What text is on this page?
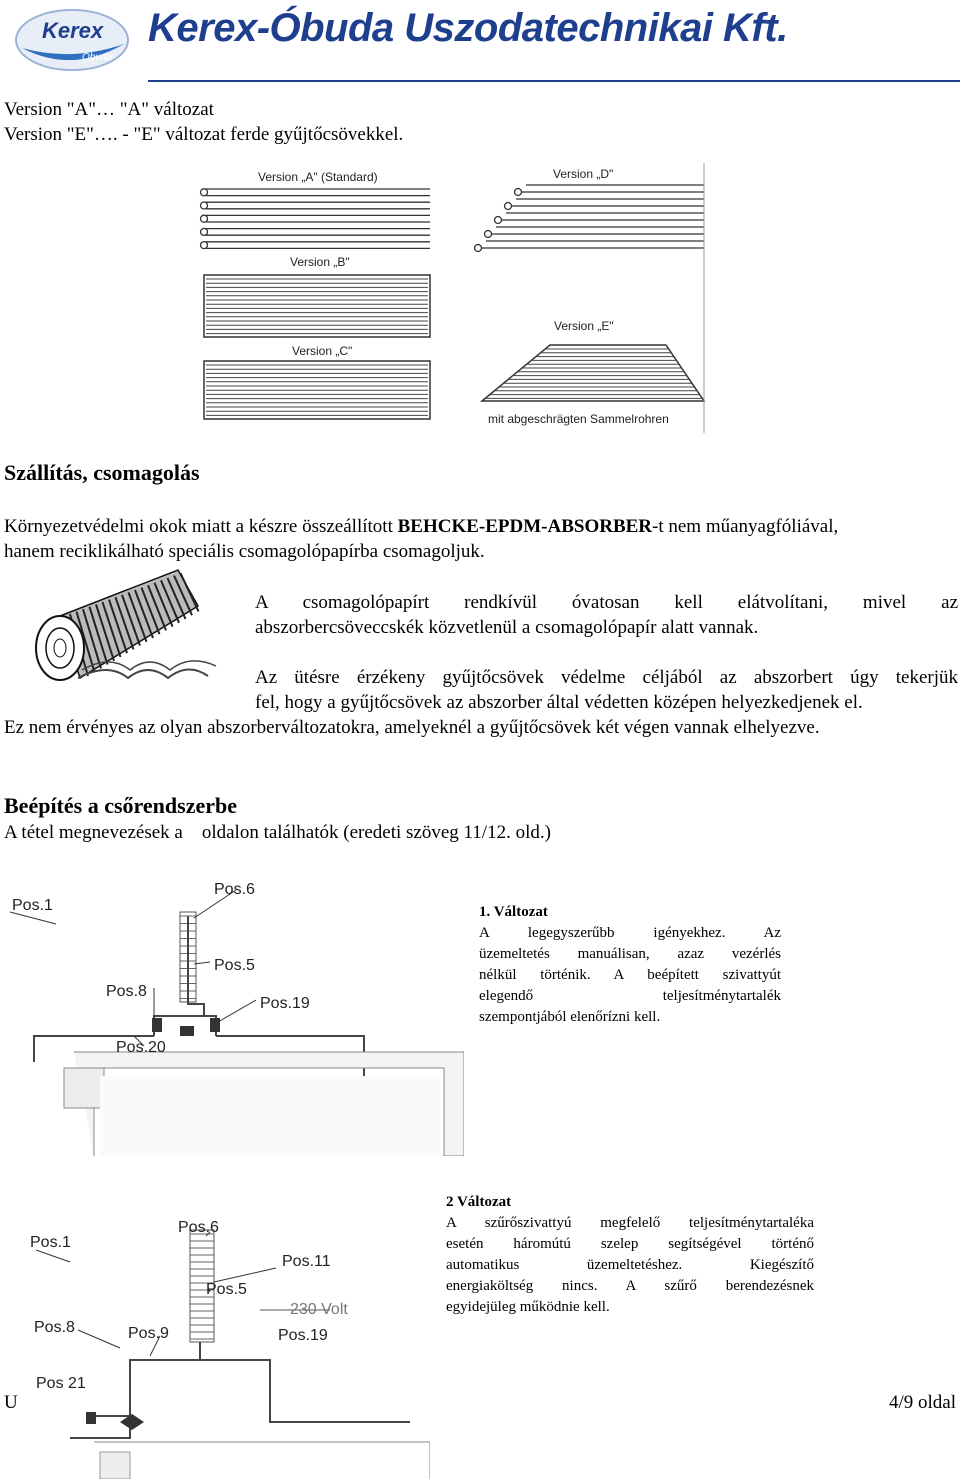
Kerex
Óbuda
Kerex-Óbuda Uszodatechnikai Kft.
Version "A"… "A" változat
Version "E"…. - "E" változat ferde gyűjtőcsövekkel.
Version „A" (Standard)
Version „B"
Version „C"
Version „D"
Version „E"
mit abgeschrägten Sammelrohren
Szállítás, csomagolás
Környezetvédelmi okok miatt a készre összeállított BEHCKE-EPDM-ABSORBER-t nem műanyagfóliával,
hanem reciklikálható speciális csomagolópapírba csomagoljuk.
A csomagolópapírt rendkívül óvatosan kell elátvolítani, mivel az
abszorbercsöveccskék közvetlenül a csomagolópapír alatt vannak.
Az ütésre érzékeny gyűjtőcsövek védelme céljából az abszorbert úgy tekerjük
fel, hogy a gyűjtőcsövek az abszorber által védetten középen helyezkedjenek el.
Ez nem érvényes az olyan abszorberváltozatokra, amelyeknél a gyűjtőcsövek két végen vannak elhelyezve.
Beépítés a csőrendszerbe
A tétel megnevezések a    oldalon találhatók (eredeti szöveg 11/12. old.)
Pos.1
Pos.6
Pos.5
Pos.8
Pos.19
Pos.20
1. Változat
A legegyszerűbb igényekhez. Az
üzemeltetés manuálisan, azaz vezérlés
nélkül történik. A beépített szivattyút
elegendő teljesítménytartalék
szempontjából elenőrízni kell.
Pos.1
Pos.6
Pos.11
Pos.5
230 Volt
Pos.8	Pos.9	Pos.19
Pos 21
2 Változat
A szűrőszivattyú megfelelő teljesítménytartaléka
esetén háromútú szelep segítségével történő
automatikus üzemeltetéshez. Kiegészítő
energiaköltség nincs. A szűrő berendezésnek
egyidejüleg működnie kell.
U	4/9 oldal
